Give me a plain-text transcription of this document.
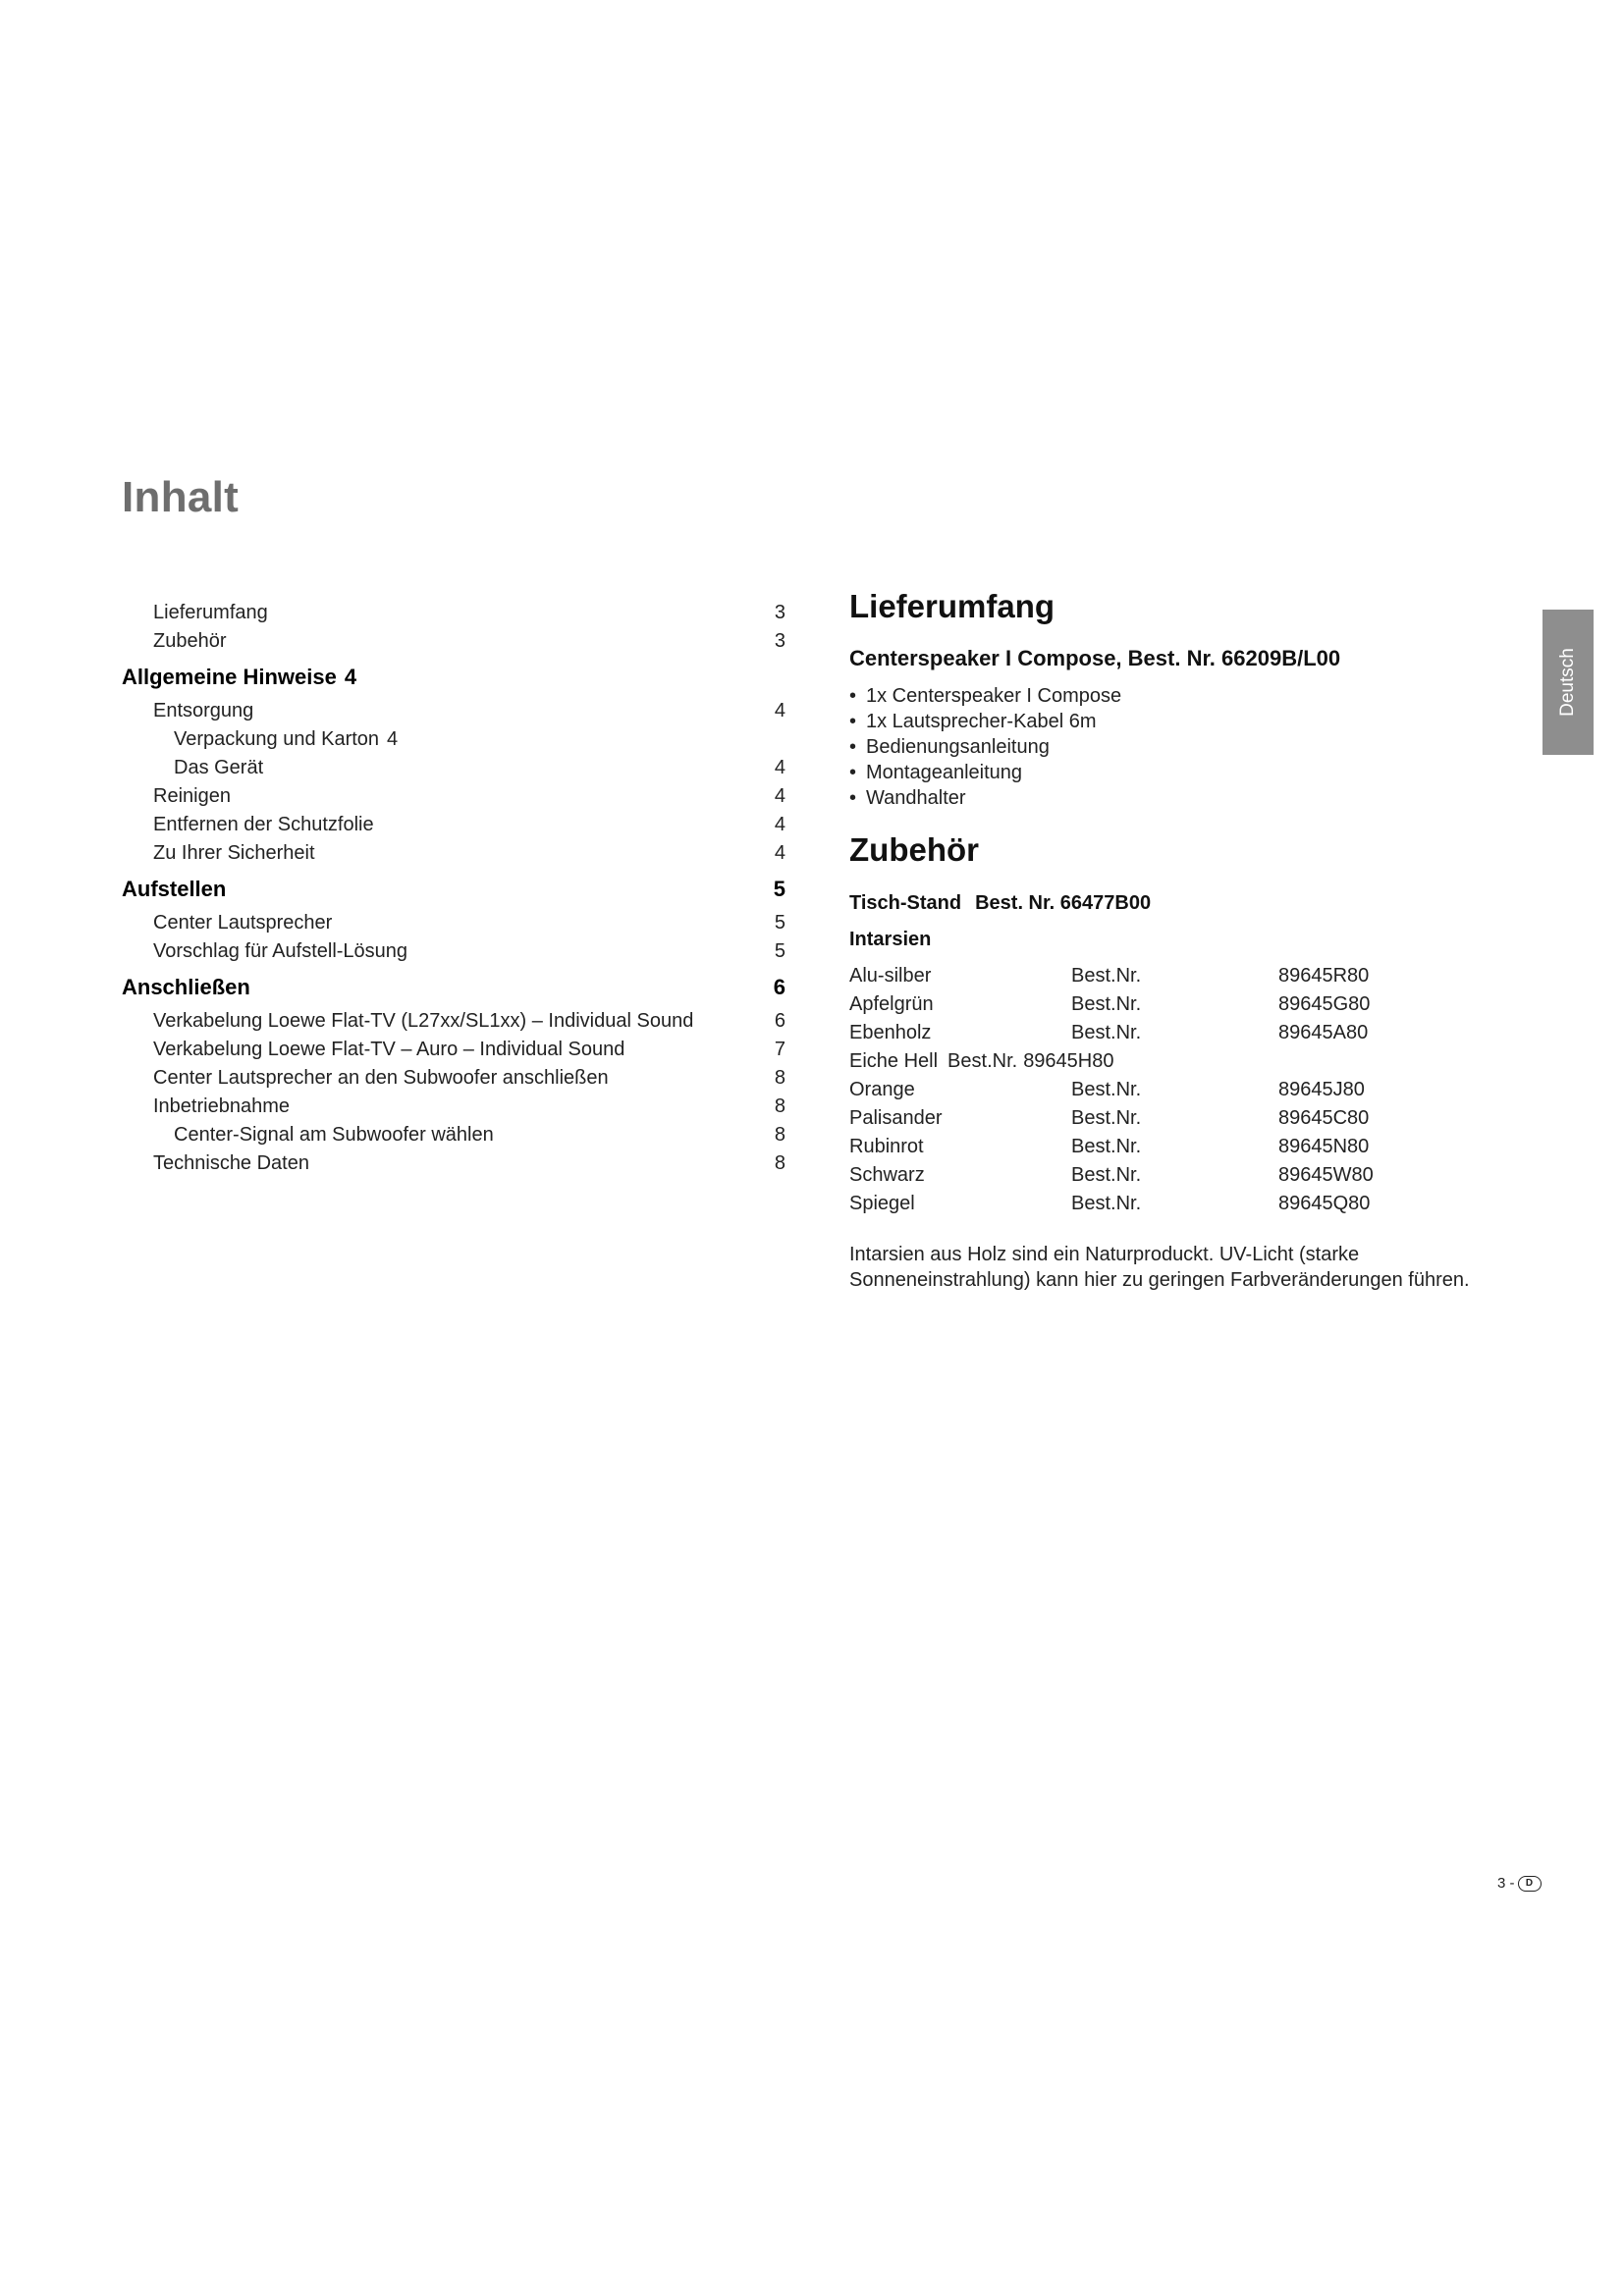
Inhalt
Lieferumfang	3
Zubehör	3
Allgemeine Hinweise 4
Entsorgung	4
Verpackung und Karton 4
Das Gerät	4
Reinigen	4
Entfernen der Schutzfolie	4
Zu Ihrer Sicherheit	4
Aufstellen	5
Center Lautsprecher	5
Vorschlag für Aufstell-Lösung	5
Anschließen	6
Verkabelung Loewe Flat-TV (L27xx/SL1xx) – Individual Sound	6
Verkabelung Loewe Flat-TV – Auro – Individual Sound	7
Center Lautsprecher an den Subwoofer anschließen	8
Inbetriebnahme	8
Center-Signal am Subwoofer wählen	8
Technische Daten	8
Lieferumfang
Centerspeaker I Compose, Best. Nr. 66209B/L00
• 1x Centerspeaker I Compose
• 1x Lautsprecher-Kabel 6m
• Bedienungsanleitung
• Montageanleitung
• Wandhalter
Zubehör
Tisch-Stand Best. Nr. 66477B00
Intarsien
Alu-silber	Best.Nr.	89645R80
Apfelgrün	Best.Nr.	89645G80
Ebenholz	Best.Nr.	89645A80
Eiche Hell Best.Nr. 89645H80
Orange	Best.Nr.	89645J80
Palisander	Best.Nr.	89645C80
Rubinrot	Best.Nr.	89645N80
Schwarz	Best.Nr.	89645W80
Spiegel	Best.Nr.	89645Q80
Intarsien aus Holz sind ein Naturproduckt. UV-Licht (starke Sonneneinstrahlung) kann hier zu geringen Farbveränderungen führen.
Deutsch
3 -	D
